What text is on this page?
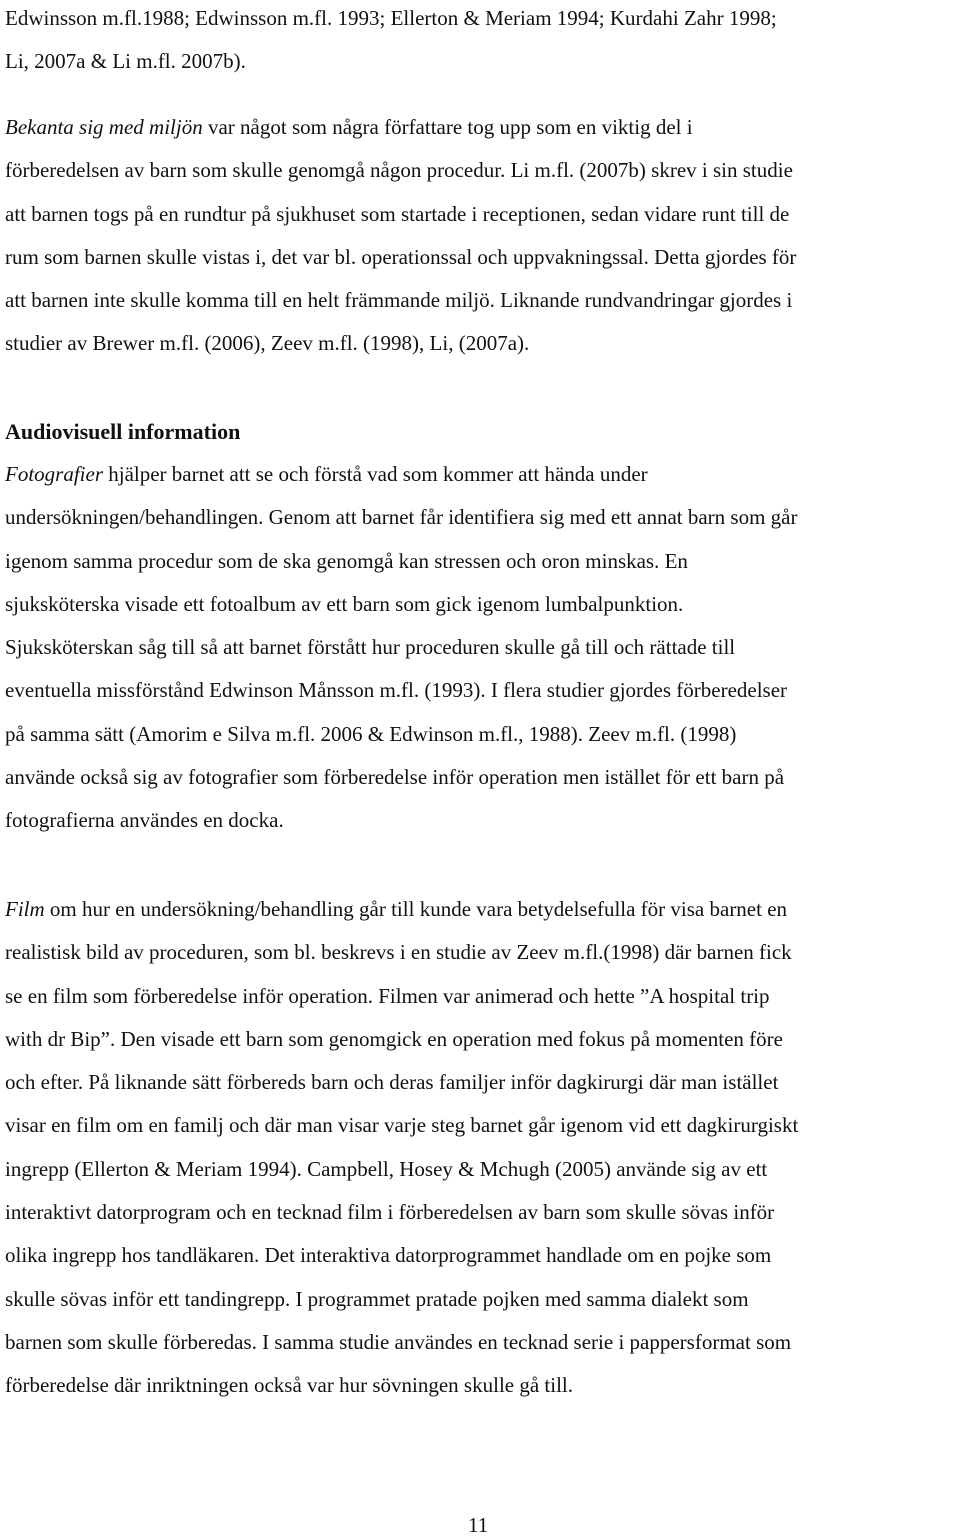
Edwinsson m.fl.1988; Edwinsson m.fl. 1993; Ellerton & Meriam 1994; Kurdahi Zahr 1998;
Li, 2007a & Li m.fl. 2007b).
Bekanta sig med miljön var något som några författare tog upp som en viktig del i
förberedelsen av barn som skulle genomgå någon procedur. Li m.fl. (2007b) skrev i sin studie
att barnen togs på en rundtur på sjukhuset som startade i receptionen, sedan vidare runt till de
rum som barnen skulle vistas i, det var bl. operationssal och uppvakningssal. Detta gjordes för
att barnen inte skulle komma till en helt främmande miljö. Liknande rundvandringar gjordes i
studier av Brewer m.fl. (2006), Zeev m.fl. (1998), Li, (2007a).
Audiovisuell information
Fotografier hjälper barnet att se och förstå vad som kommer att hända under
undersökningen/behandlingen. Genom att barnet får identifiera sig med ett annat barn som går
igenom samma procedur som de ska genomgå kan stressen och oron minskas. En
sjuksköterska visade ett fotoalbum av ett barn som gick igenom lumbalpunktion.
Sjuksköterskan såg till så att barnet förstått hur proceduren skulle gå till och rättade till
eventuella missförstånd Edwinson Månsson m.fl. (1993). I flera studier gjordes förberedelser
på samma sätt (Amorim e Silva m.fl. 2006 & Edwinson m.fl., 1988). Zeev m.fl. (1998)
använde också sig av fotografier som förberedelse inför operation men istället för ett barn på
fotografierna användes en docka.
Film om hur en undersökning/behandling går till kunde vara betydelsefulla för visa barnet en
realistisk bild av proceduren, som bl. beskrevs i en studie av Zeev m.fl.(1998) där barnen fick
se en film som förberedelse inför operation. Filmen var animerad och hette ”A hospital trip
with dr Bip”. Den visade ett barn som genomgick en operation med fokus på momenten före
och efter. På liknande sätt förbereds barn och deras familjer inför dagkirurgi där man istället
visar en film om en familj och där man visar varje steg barnet går igenom vid ett dagkirurgiskt
ingrepp (Ellerton & Meriam 1994). Campbell, Hosey & Mchugh (2005) använde sig av ett
interaktivt datorprogram och en tecknad film i förberedelsen av barn som skulle sövas inför
olika ingrepp hos tandläkaren. Det interaktiva datorprogrammet handlade om en pojke som
skulle sövas inför ett tandingrepp. I programmet pratade pojken med samma dialekt som
barnen som skulle förberedas. I samma studie användes en tecknad serie i pappersformat som
förberedelse där inriktningen också var hur sövningen skulle gå till.
11
